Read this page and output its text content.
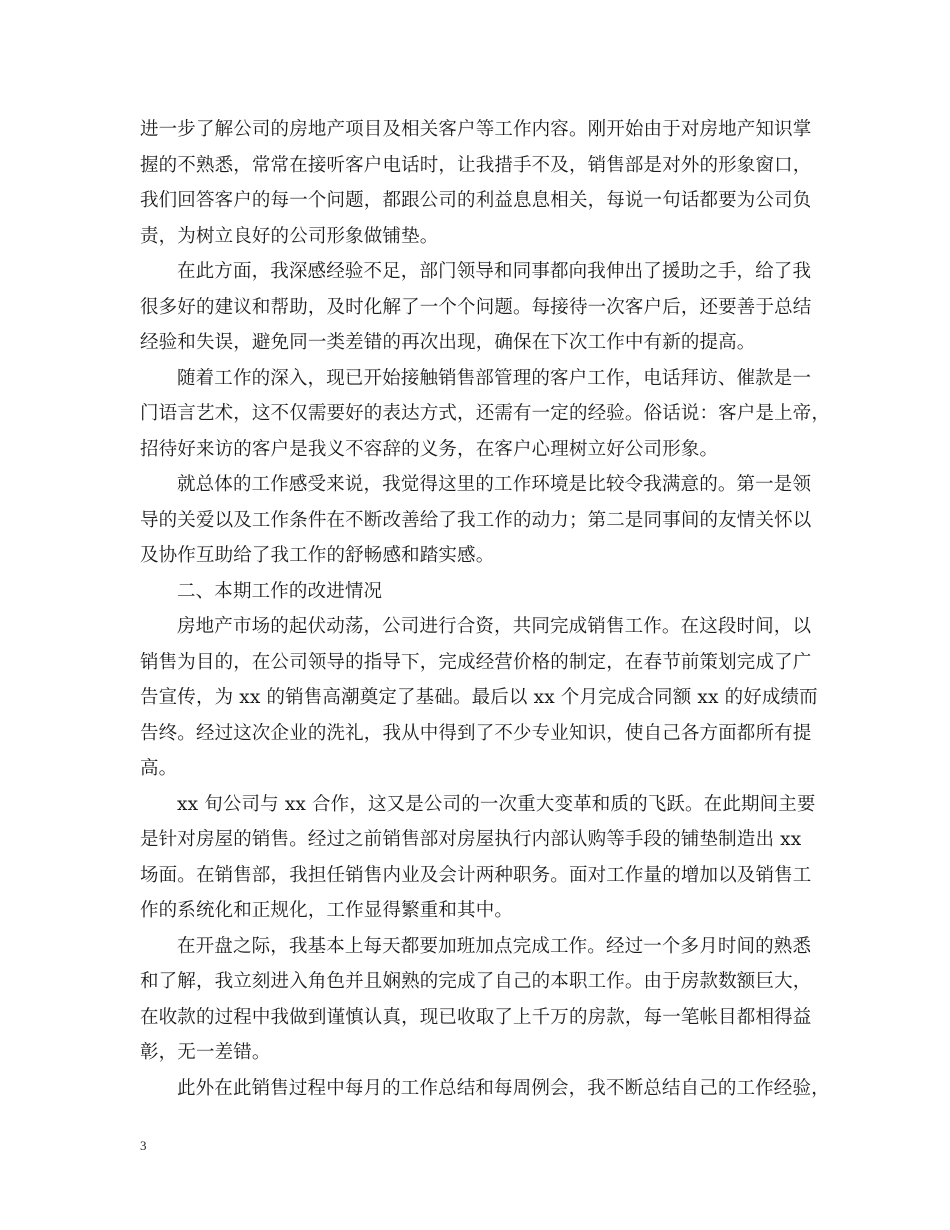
进一步了解公司的房地产项目及相关客户等工作内容。刚开始由于对房地产知识掌
握的不熟悉，常常在接听客户电话时，让我措手不及，销售部是对外的形象窗口，
我们回答客户的每一个问题，都跟公司的利益息息相关，每说一句话都要为公司负
责，为树立良好的公司形象做铺垫。
在此方面，我深感经验不足，部门领导和同事都向我伸出了援助之手，给了我
很多好的建议和帮助，及时化解了一个个问题。每接待一次客户后，还要善于总结
经验和失误，避免同一类差错的再次出现，确保在下次工作中有新的提高。
随着工作的深入，现已开始接触销售部管理的客户工作，电话拜访、催款是一
门语言艺术，这不仅需要好的表达方式，还需有一定的经验。俗话说：客户是上帝，
招待好来访的客户是我义不容辞的义务，在客户心理树立好公司形象。
就总体的工作感受来说，我觉得这里的工作环境是比较令我满意的。第一是领
导的关爱以及工作条件在不断改善给了我工作的动力；第二是同事间的友情关怀以
及协作互助给了我工作的舒畅感和踏实感。
二、本期工作的改进情况
房地产市场的起伏动荡，公司进行合资，共同完成销售工作。在这段时间，以
销售为目的，在公司领导的指导下，完成经营价格的制定，在春节前策划完成了广
告宣传，为 xx 的销售高潮奠定了基础。最后以 xx 个月完成合同额 xx 的好成绩而
告终。经过这次企业的洗礼，我从中得到了不少专业知识，使自己各方面都所有提
高。
xx 旬公司与 xx 合作，这又是公司的一次重大变革和质的飞跃。在此期间主要
是针对房屋的销售。经过之前销售部对房屋执行内部认购等手段的铺垫制造出 xx
场面。在销售部，我担任销售内业及会计两种职务。面对工作量的增加以及销售工
作的系统化和正规化，工作显得繁重和其中。
在开盘之际，我基本上每天都要加班加点完成工作。经过一个多月时间的熟悉
和了解，我立刻进入角色并且娴熟的完成了自己的本职工作。由于房款数额巨大，
在收款的过程中我做到谨慎认真，现已收取了上千万的房款，每一笔帐目都相得益
彰，无一差错。
此外在此销售过程中每月的工作总结和每周例会，我不断总结自己的工作经验，
3
